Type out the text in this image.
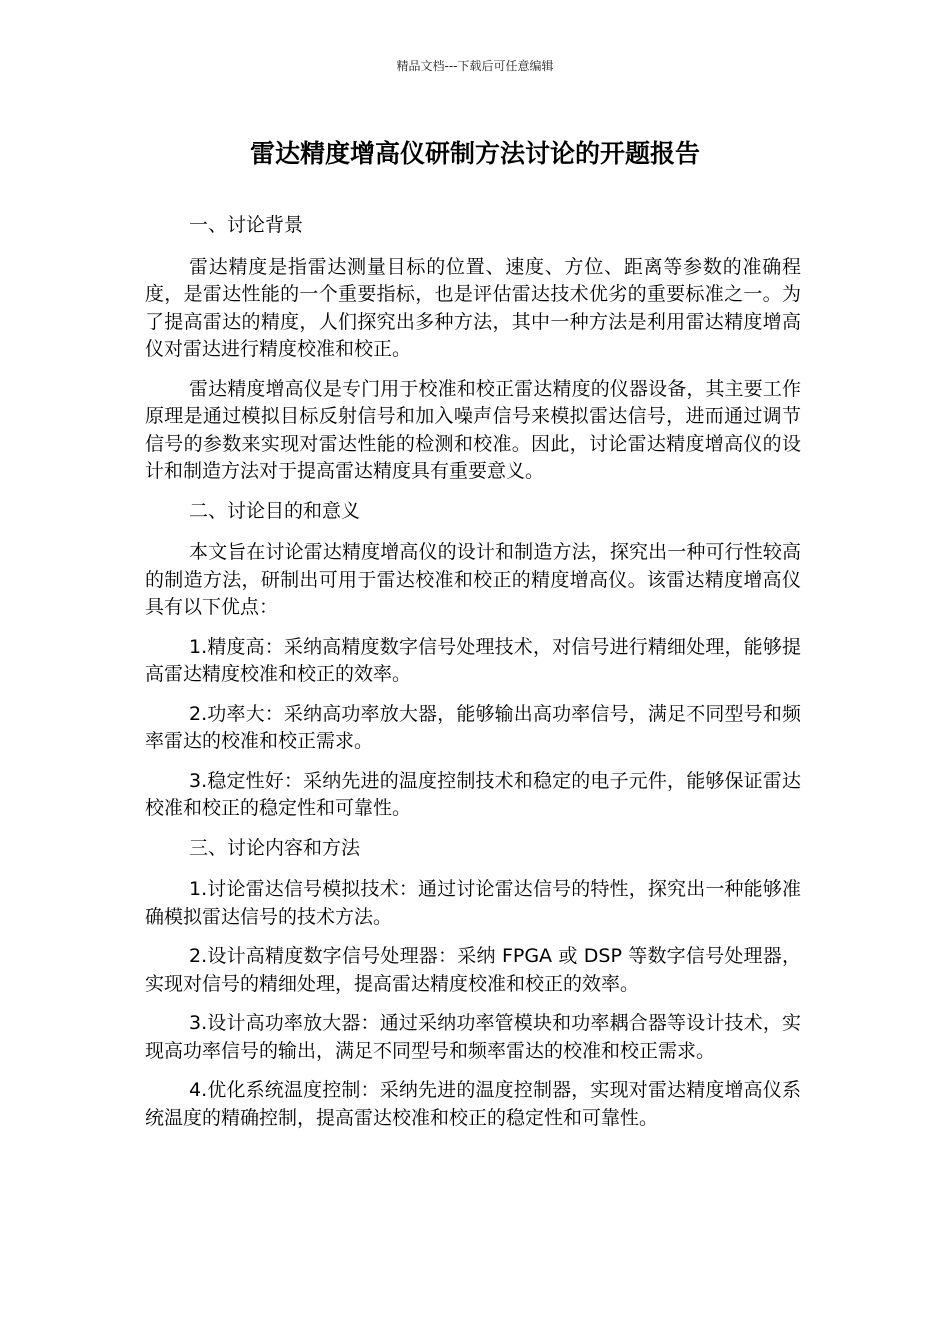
精品文档---下载后可任意编辑
雷达精度增高仪研制方法讨论的开题报告

一、讨论背景

雷达精度是指雷达测量目标的位置、速度、方位、距离等参数的准确程度，是雷达性能的一个重要指标，也是评估雷达技术优劣的重要标准之一。为了提高雷达的精度，人们探究出多种方法，其中一种方法是利用雷达精度增高仪对雷达进行精度校准和校正。

雷达精度增高仪是专门用于校准和校正雷达精度的仪器设备，其主要工作原理是通过模拟目标反射信号和加入噪声信号来模拟雷达信号，进而通过调节信号的参数来实现对雷达性能的检测和校准。因此，讨论雷达精度增高仪的设计和制造方法对于提高雷达精度具有重要意义。

二、讨论目的和意义

本文旨在讨论雷达精度增高仪的设计和制造方法，探究出一种可行性较高的制造方法，研制出可用于雷达校准和校正的精度增高仪。该雷达精度增高仪具有以下优点：

1.精度高：采纳高精度数字信号处理技术，对信号进行精细处理，能够提高雷达精度校准和校正的效率。

2.功率大：采纳高功率放大器，能够输出高功率信号，满足不同型号和频率雷达的校准和校正需求。

3.稳定性好：采纳先进的温度控制技术和稳定的电子元件，能够保证雷达校准和校正的稳定性和可靠性。

三、讨论内容和方法

1.讨论雷达信号模拟技术：通过讨论雷达信号的特性，探究出一种能够准确模拟雷达信号的技术方法。

2.设计高精度数字信号处理器：采纳 FPGA 或 DSP 等数字信号处理器，实现对信号的精细处理，提高雷达精度校准和校正的效率。

3.设计高功率放大器：通过采纳功率管模块和功率耦合器等设计技术，实现高功率信号的输出，满足不同型号和频率雷达的校准和校正需求。

4.优化系统温度控制：采纳先进的温度控制器，实现对雷达精度增高仪系统温度的精确控制，提高雷达校准和校正的稳定性和可靠性。
